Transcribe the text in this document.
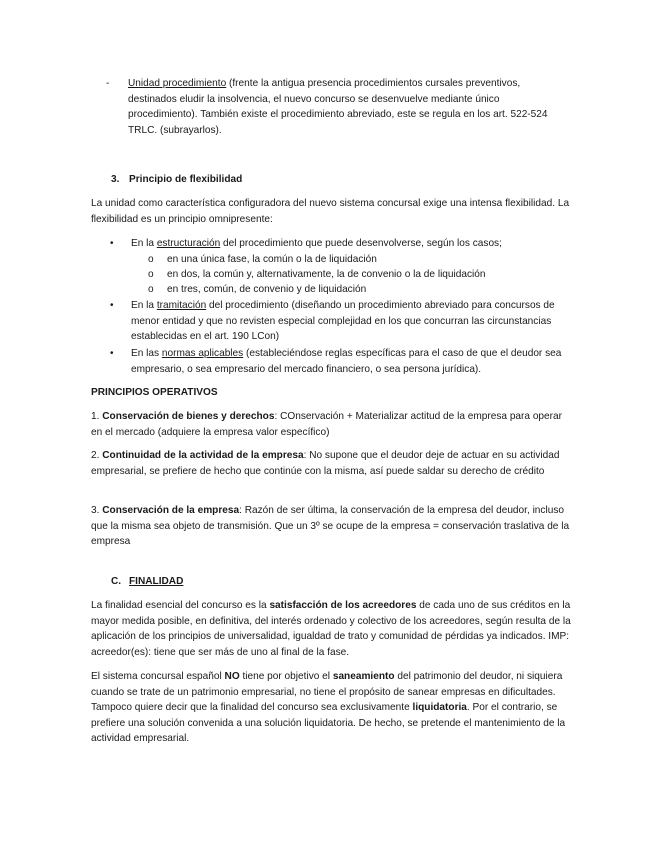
- Unidad procedimiento (frente la antigua presencia procedimientos cursales preventivos, destinados eludir la insolvencia, el nuevo concurso se desenvuelve mediante único procedimiento). También existe el procedimiento abreviado, este se regula en los art. 522-524 TRLC. (subrayarlos).

3. Principio de flexibilidad

La unidad como característica configuradora del nuevo sistema concursal exige una intensa flexibilidad. La flexibilidad es un principio omnipresente:

• En la estructuración del procedimiento que puede desenvolverse, según los casos;

o en una única fase, la común o la de liquidación

o en dos, la común y, alternativamente, la de convenio o la de liquidación

o en tres, común, de convenio y de liquidación

• En la tramitación del procedimiento (diseñando un procedimiento abreviado para concursos de menor entidad y que no revisten especial complejidad en los que concurran las circunstancias establecidas en el art. 190 LCon)

• En las normas aplicables (estableciéndose reglas específicas para el caso de que el deudor sea empresario, o sea empresario del mercado financiero, o sea persona jurídica).

PRINCIPIOS OPERATIVOS

1. Conservación de bienes y derechos: COnservación + Materializar actitud de la empresa para operar en el mercado (adquiere la empresa valor específico)

2. Continuidad de la actividad de la empresa: No supone que el deudor deje de actuar en su actividad empresarial, se prefiere de hecho que continúe con la misma, así puede saldar su derecho de crédito

3. Conservación de la empresa: Razón de ser última, la conservación de la empresa del deudor, incluso que la misma sea objeto de transmisión. Que un 3º se ocupe de la empresa = conservación traslativa de la empresa

C. FINALIDAD

La finalidad esencial del concurso es la satisfacción de los acreedores de cada uno de sus créditos en la mayor medida posible, en definitiva, del interés ordenado y colectivo de los acreedores, según resulta de la aplicación de los principios de universalidad, igualdad de trato y comunidad de pérdidas ya indicados. IMP: acreedor(es): tiene que ser más de uno al final de la fase.

El sistema concursal español NO tiene por objetivo el saneamiento del patrimonio del deudor, ni siquiera cuando se trate de un patrimonio empresarial, no tiene el propósito de sanear empresas en dificultades. Tampoco quiere decir que la finalidad del concurso sea exclusivamente liquidatoria. Por el contrario, se prefiere una solución convenida a una solución liquidatoria. De hecho, se pretende el mantenimiento de la actividad empresarial.
